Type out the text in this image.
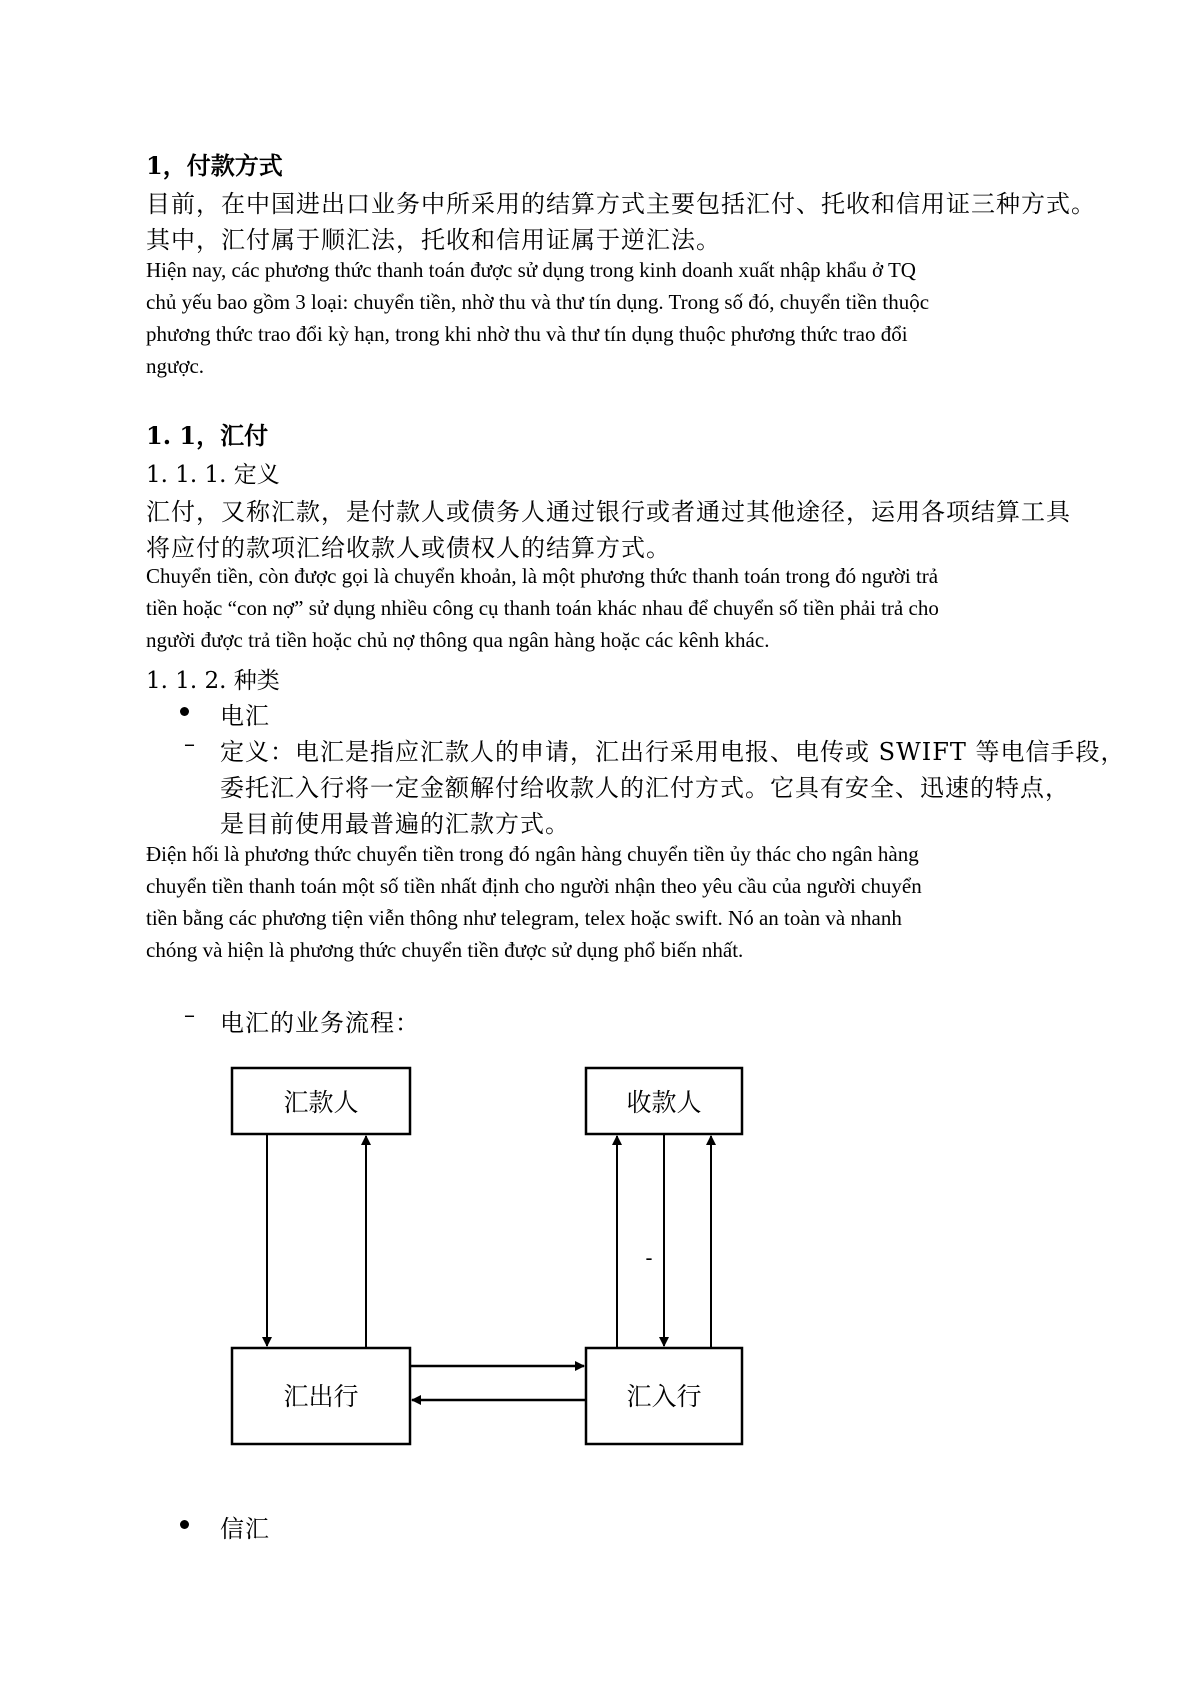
1，付款方式
目前，在中国进出口业务中所采用的结算方式主要包括汇付、托收和信用证三种方式。
其中，汇付属于顺汇法，托收和信用证属于逆汇法。
Hiện nay, các phương thức thanh toán được sử dụng trong kinh doanh xuất nhập khẩu ở TQ
chủ yếu bao gồm 3 loại: chuyển tiền, nhờ thu và thư tín dụng. Trong số đó, chuyển tiền thuộc
phương thức trao đổi kỳ hạn, trong khi nhờ thu và thư tín dụng thuộc phương thức trao đổi
ngược.
1. 1，汇付
1. 1. 1. 定义
汇付，又称汇款，是付款人或债务人通过银行或者通过其他途径，运用各项结算工具
将应付的款项汇给收款人或债权人的结算方式。
Chuyển tiền, còn được gọi là chuyển khoản, là một phương thức thanh toán trong đó người trả
tiền hoặc “con nợ” sử dụng nhiều công cụ thanh toán khác nhau để chuyển số tiền phải trả cho
người được trả tiền hoặc chủ nợ thông qua ngân hàng hoặc các kênh khác.
1. 1. 2. 种类
电汇
– 定义：电汇是指应汇款人的申请，汇出行采用电报、电传或 SWIFT 等电信手段，
委托汇入行将一定金额解付给收款人的汇付方式。它具有安全、迅速的特点，
是目前使用最普遍的汇款方式。
Điện hối là phương thức chuyển tiền trong đó ngân hàng chuyển tiền ủy thác cho ngân hàng
chuyển tiền thanh toán một số tiền nhất định cho người nhận theo yêu cầu của người chuyển
tiền bằng các phương tiện viễn thông như telegram, telex hoặc swift. Nó an toàn và nhanh
chóng và hiện là phương thức chuyển tiền được sử dụng phổ biến nhất.
– 电汇的业务流程：
汇款人	收款人
汇出行	汇入行
-
信汇
